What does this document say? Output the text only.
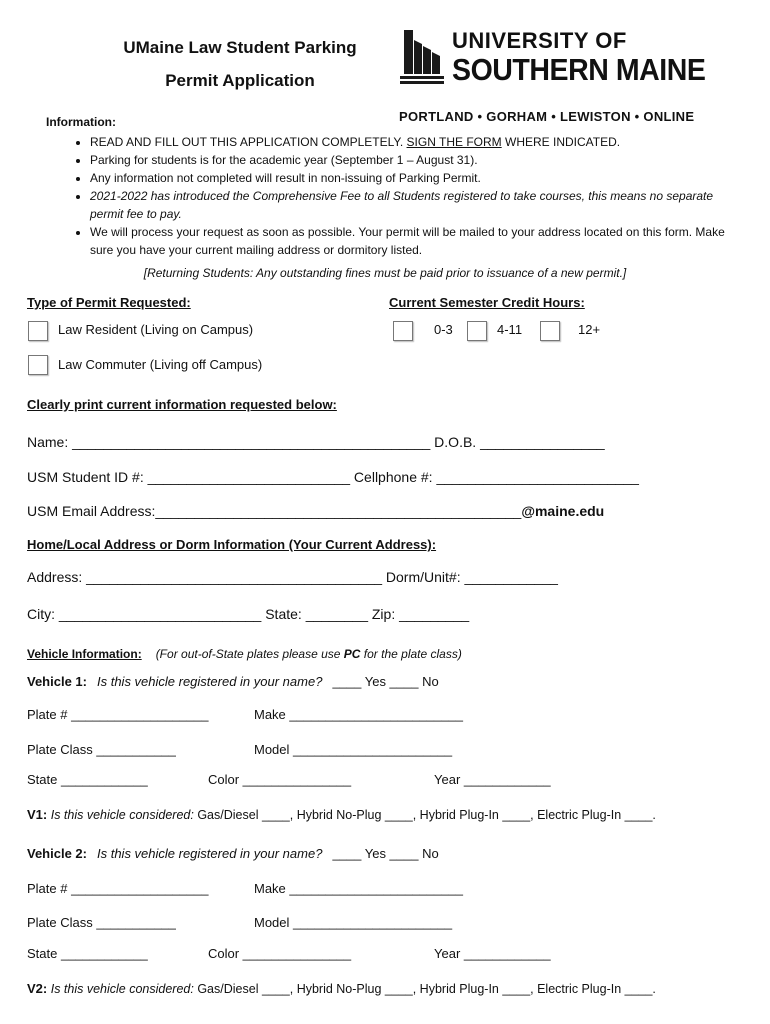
UMaine Law Student Parking
Permit Application
UNIVERSITY OF
SOUTHERN MAINE
PORTLAND • GORHAM • LEWISTON • ONLINE
Information:
• READ AND FILL OUT THIS APPLICATION COMPLETELY. SIGN THE FORM WHERE INDICATED.
• Parking for students is for the academic year (September 1 – August 31).
• Any information not completed will result in non-issuing of Parking Permit.
• 2021-2022 has introduced the Comprehensive Fee to all Students registered to take courses, this means no separate permit fee to pay.
• We will process your request as soon as possible. Your permit will be mailed to your address located on this form. Make sure you have your current mailing address or dormitory listed.
[Returning Students: Any outstanding fines must be paid prior to issuance of a new permit.]
Type of Permit Requested:
Law Resident (Living on Campus)
Law Commuter (Living off Campus)
Current Semester Credit Hours:
0-3	4-11	12+
Clearly print current information requested below:
Name: ______________________________________________ D.O.B. ________________
USM Student ID #: __________________________ Cellphone #: __________________________
USM Email Address:_______________________________________________@maine.edu
Home/Local Address or Dorm Information (Your Current Address):
Address: ______________________________________ Dorm/Unit#: ____________
City: __________________________ State: ________ Zip: _________
Vehicle Information: (For out-of-State plates please use PC for the plate class)
Vehicle 1: Is this vehicle registered in your name? ____ Yes ____ No
Plate # ___________________	Make ________________________
Plate Class ___________	Model ______________________
State ____________	Color _______________	Year ____________
V1: Is this vehicle considered: Gas/Diesel ____, Hybrid No-Plug ____, Hybrid Plug-In ____, Electric Plug-In ____.
Vehicle 2: Is this vehicle registered in your name? ____ Yes ____ No
Plate # ___________________	Make ________________________
Plate Class ___________	Model ______________________
State ____________	Color _______________	Year ____________
V2: Is this vehicle considered: Gas/Diesel ____, Hybrid No-Plug ____, Hybrid Plug-In ____, Electric Plug-In ____.
